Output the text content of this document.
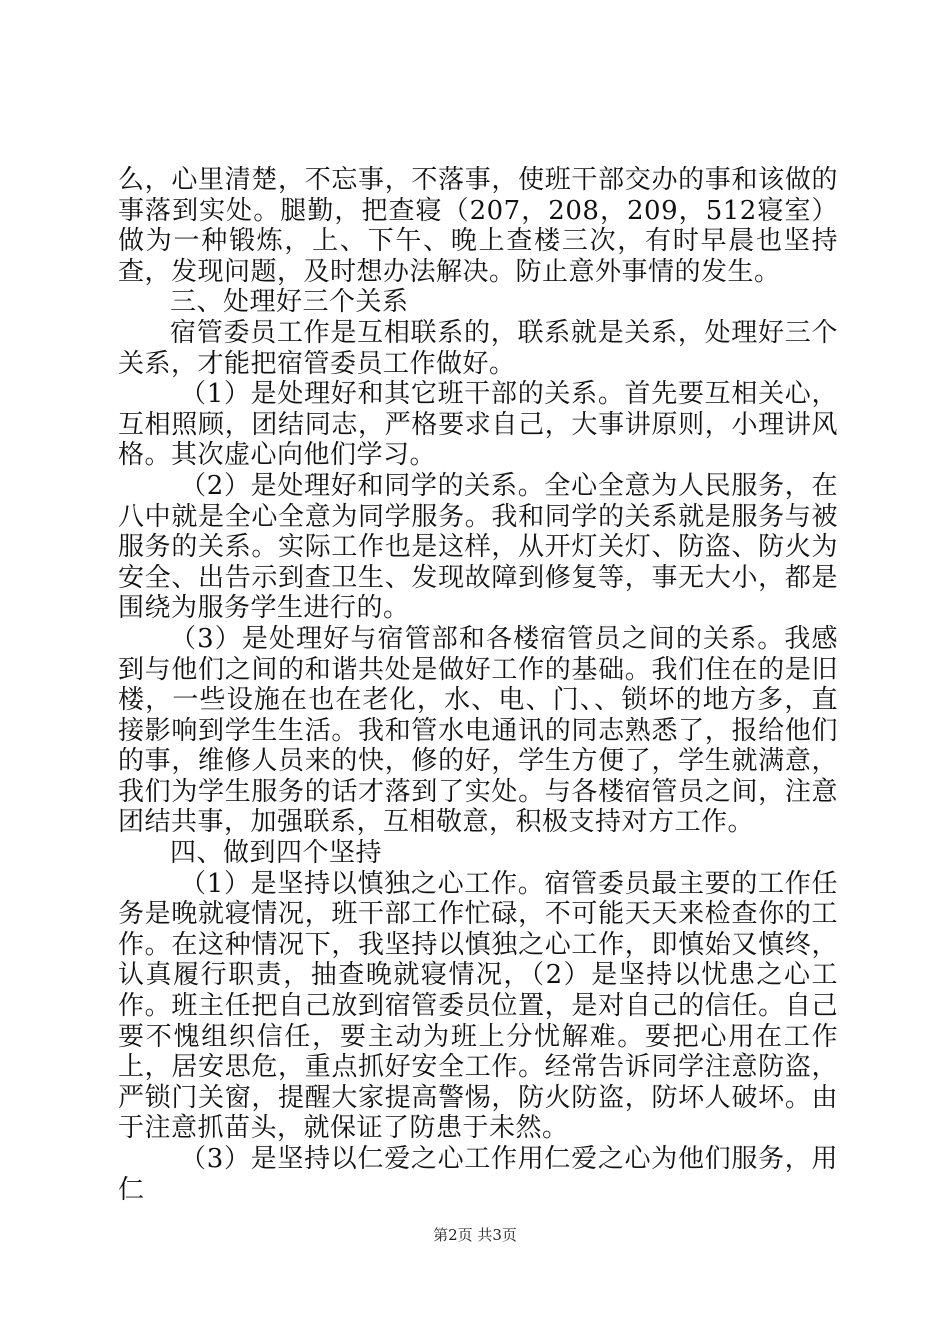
么，心里清楚，不忘事，不落事，使班干部交办的事和该做的事落到实处。腿勤，把查寝（207，208，209，512寝室）做为一种锻炼，上、下午、晚上查楼三次，有时早晨也坚持查，发现问题，及时想办法解决。防止意外事情的发生。

三、处理好三个关系

宿管委员工作是互相联系的，联系就是关系，处理好三个关系，才能把宿管委员工作做好。

（1）是处理好和其它班干部的关系。首先要互相关心，互相照顾，团结同志，严格要求自己，大事讲原则，小理讲风格。其次虚心向他们学习。

（2）是处理好和同学的关系。全心全意为人民服务，在八中就是全心全意为同学服务。我和同学的关系就是服务与被服务的关系。实际工作也是这样，从开灯关灯、防盗、防火为安全、出告示到查卫生、发现故障到修复等，事无大小，都是围绕为服务学生进行的。

（3）是处理好与宿管部和各楼宿管员之间的关系。我感到与他们之间的和谐共处是做好工作的基础。我们住在的是旧楼，一些设施在也在老化，水、电、门、、锁坏的地方多，直接影响到学生生活。我和管水电通讯的同志熟悉了，报给他们的事，维修人员来的快，修的好，学生方便了，学生就满意，我们为学生服务的话才落到了实处。与各楼宿管员之间，注意团结共事，加强联系，互相敬意，积极支持对方工作。

四、做到四个坚持

（1）是坚持以慎独之心工作。宿管委员最主要的工作任务是晚就寝情况，班干部工作忙碌，不可能天天来检查你的工作。在这种情况下，我坚持以慎独之心工作，即慎始又慎终，认真履行职责，抽查晚就寝情况，（2）是坚持以忧患之心工作。班主任把自己放到宿管委员位置，是对自己的信任。自己要不愧组织信任，要主动为班上分忧解难。要把心用在工作上，居安思危，重点抓好安全工作。经常告诉同学注意防盗，严锁门关窗，提醒大家提高警惕，防火防盗，防坏人破坏。由于注意抓苗头，就保证了防患于未然。

（3）是坚持以仁爱之心工作用仁爱之心为他们服务，用仁

第2页 共3页
